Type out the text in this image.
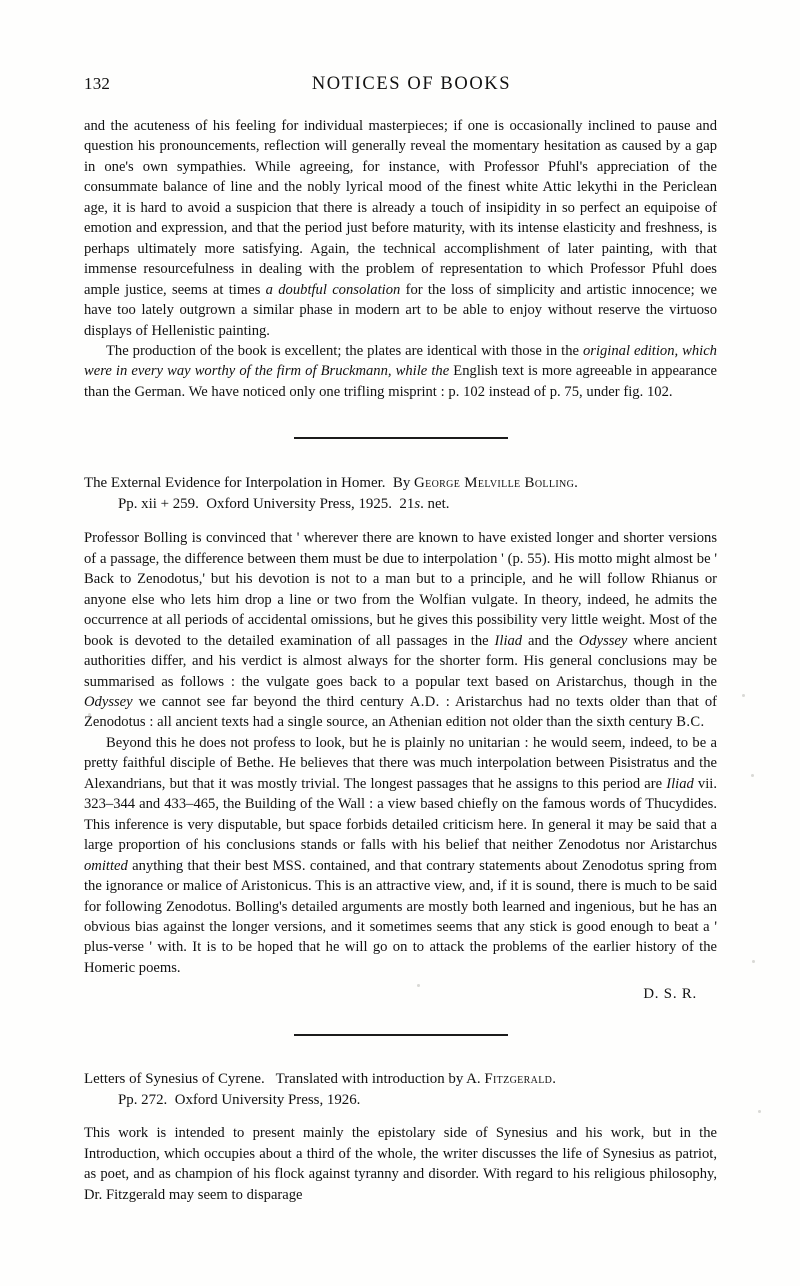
132	NOTICES OF BOOKS

and the acuteness of his feeling for individual masterpieces; if one is occasionally inclined to pause and question his pronouncements, reflection will generally reveal the momentary hesitation as caused by a gap in one's own sympathies. While agreeing, for instance, with Professor Pfuhl's appreciation of the consummate balance of line and the nobly lyrical mood of the finest white Attic lekythi in the Periclean age, it is hard to avoid a suspicion that there is already a touch of insipidity in so perfect an equipoise of emotion and expression, and that the period just before maturity, with its intense elasticity and freshness, is perhaps ultimately more satisfying. Again, the technical accomplishment of later painting, with that immense resourcefulness in dealing with the problem of representation to which Professor Pfuhl does ample justice, seems at times a doubtful consolation for the loss of simplicity and artistic innocence; we have too lately outgrown a similar phase in modern art to be able to enjoy without reserve the virtuoso displays of Hellenistic painting.

The production of the book is excellent; the plates are identical with those in the original edition, which were in every way worthy of the firm of Bruckmann, while the English text is more agreeable in appearance than the German. We have noticed only one trifling misprint : p. 102 instead of p. 75, under fig. 102.

The External Evidence for Interpolation in Homer. By George Melville Bolling.
Pp. xii + 259. Oxford University Press, 1925. 21s. net.

Professor Bolling is convinced that ' wherever there are known to have existed longer and shorter versions of a passage, the difference between them must be due to interpolation ' (p. 55). His motto might almost be ' Back to Zenodotus,' but his devotion is not to a man but to a principle, and he will follow Rhianus or anyone else who lets him drop a line or two from the Wolfian vulgate. In theory, indeed, he admits the occurrence at all periods of accidental omissions, but he gives this possibility very little weight. Most of the book is devoted to the detailed examination of all passages in the Iliad and the Odyssey where ancient authorities differ, and his verdict is almost always for the shorter form. His general conclusions may be summarised as follows : the vulgate goes back to a popular text based on Aristarchus, though in the Odyssey we cannot see far beyond the third century A.D. : Aristarchus had no texts older than that of Zenodotus : all ancient texts had a single source, an Athenian edition not older than the sixth century B.C.

Beyond this he does not profess to look, but he is plainly no unitarian : he would seem, indeed, to be a pretty faithful disciple of Bethe. He believes that there was much interpolation between Pisistratus and the Alexandrians, but that it was mostly trivial. The longest passages that he assigns to this period are Iliad vii. 323–344 and 433–465, the Building of the Wall : a view based chiefly on the famous words of Thucydides. This inference is very disputable, but space forbids detailed criticism here. In general it may be said that a large proportion of his conclusions stands or falls with his belief that neither Zenodotus nor Aristarchus omitted anything that their best MSS. contained, and that contrary statements about Zenodotus spring from the ignorance or malice of Aristonicus. This is an attractive view, and, if it is sound, there is much to be said for following Zenodotus. Bolling's detailed arguments are mostly both learned and ingenious, but he has an obvious bias against the longer versions, and it sometimes seems that any stick is good enough to beat a ' plus-verse ' with. It is to be hoped that he will go on to attack the problems of the earlier history of the Homeric poems.

D. S. R.
Letters of Synesius of Cyrene. Translated with introduction by A. Fitzgerald.
Pp. 272. Oxford University Press, 1926.

This work is intended to present mainly the epistolary side of Synesius and his work, but in the Introduction, which occupies about a third of the whole, the writer discusses the life of Synesius as patriot, as poet, and as champion of his flock against tyranny and disorder. With regard to his religious philosophy, Dr. Fitzgerald may seem to disparage
